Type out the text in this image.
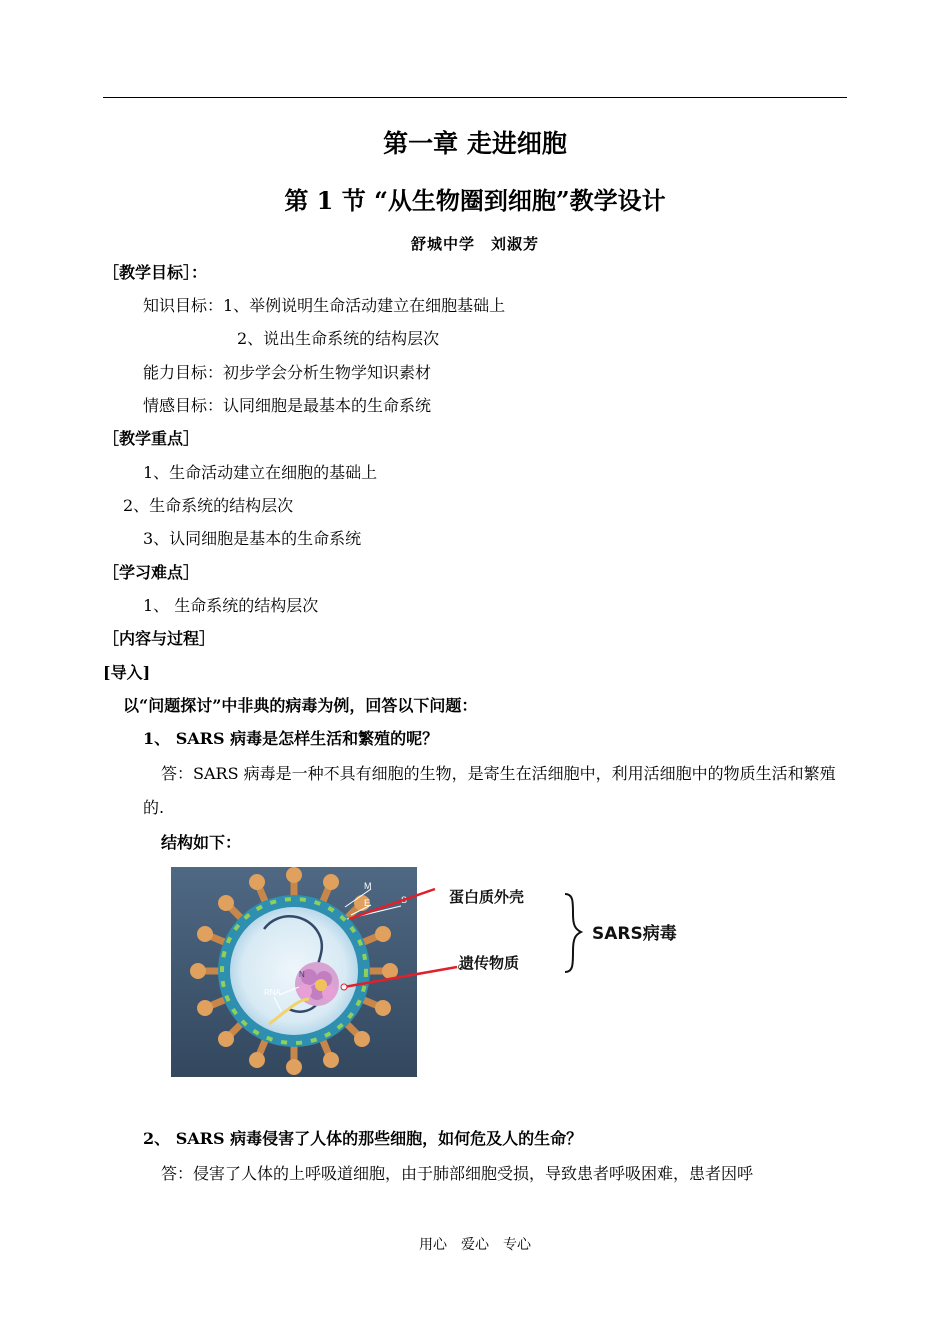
第一章 走进细胞
第 1 节 “从生物圈到细胞”教学设计
舒城中学　刘淑芳
［教学目标］：
知识目标：1、举例说明生命活动建立在细胞基础上
2、说出生命系统的结构层次
能力目标：初步学会分析生物学知识素材
情感目标：认同细胞是最基本的生命系统
［教学重点］
1、生命活动建立在细胞的基础上
2、生命系统的结构层次
3、认同细胞是基本的生命系统
［学习难点］
1、 生命系统的结构层次
［内容与过程］
[导入]
以“问题探讨”中非典的病毒为例，回答以下问题：
1、 SARS 病毒是怎样生活和繁殖的呢？
答：SARS 病毒是一种不具有细胞的生物，是寄生在活细胞中，利用活细胞中的物质生活和繁殖的.
结构如下：
M
E
N
RNA
蛋白质外壳
遗传物质
SARS病毒
2、 SARS 病毒侵害了人体的那些细胞，如何危及人的生命？
答：侵害了人体的上呼吸道细胞，由于肺部细胞受损，导致患者呼吸困难，患者因呼
用心　爱心　专心
